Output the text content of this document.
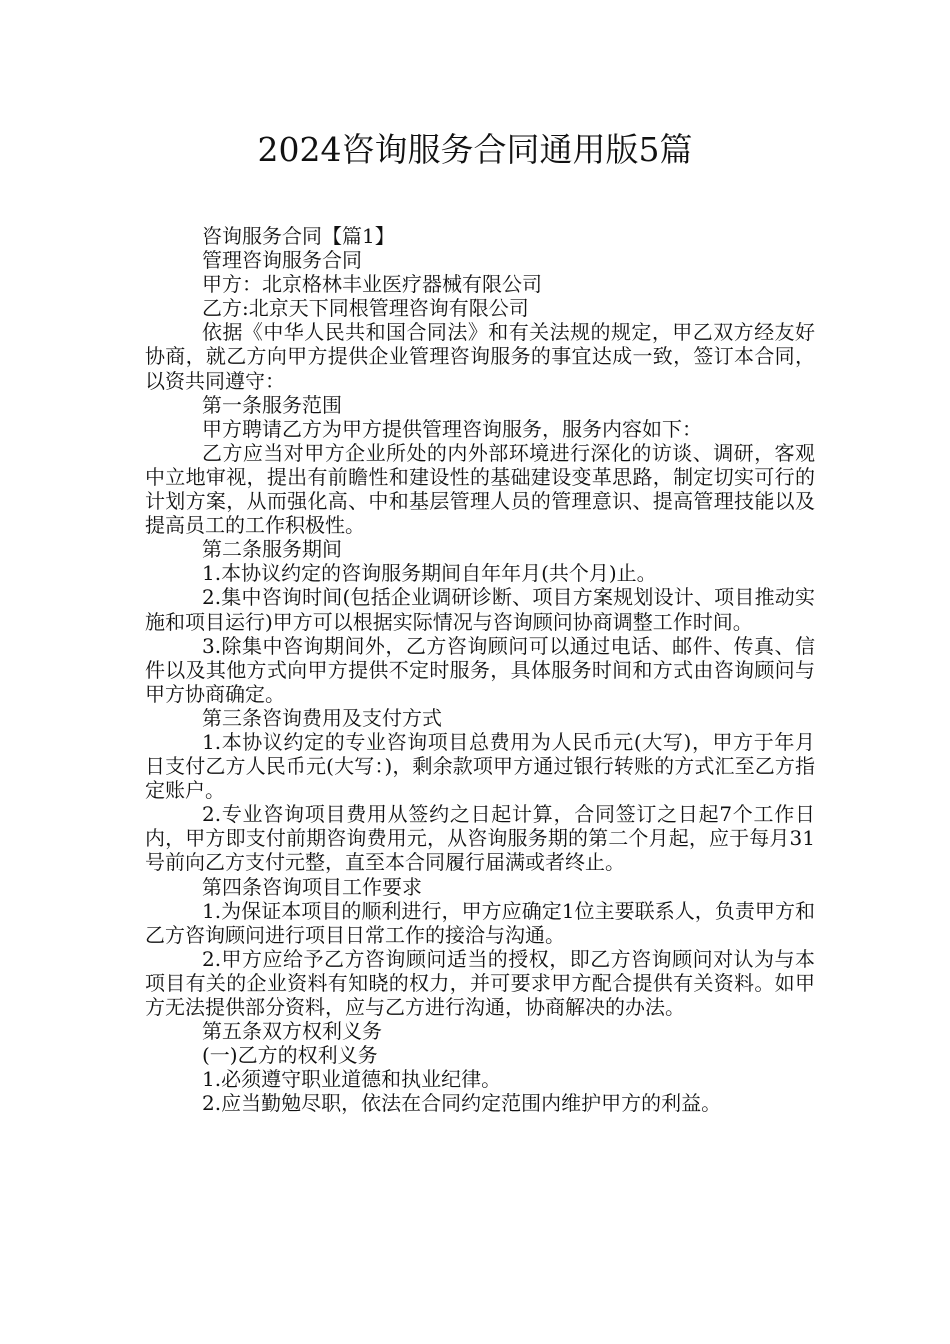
2024咨询服务合同通用版5篇

咨询服务合同【篇1】

管理咨询服务合同

甲方：北京格林丰业医疗器械有限公司

乙方:北京天下同根管理咨询有限公司

依据《中华人民共和国合同法》和有关法规的规定，甲乙双方经友好协商，就乙方向甲方提供企业管理咨询服务的事宜达成一致，签订本合同，以资共同遵守：

第一条服务范围

甲方聘请乙方为甲方提供管理咨询服务，服务内容如下：

乙方应当对甲方企业所处的内外部环境进行深化的访谈、调研，客观中立地审视，提出有前瞻性和建设性的基础建设变革思路，制定切实可行的计划方案，从而强化高、中和基层管理人员的管理意识、提高管理技能以及提高员工的工作积极性。

第二条服务期间

1.本协议约定的咨询服务期间自年年月(共个月)止。

2.集中咨询时间(包括企业调研诊断、项目方案规划设计、项目推动实施和项目运行)甲方可以根据实际情况与咨询顾问协商调整工作时间。

3.除集中咨询期间外，乙方咨询顾问可以通过电话、邮件、传真、信件以及其他方式向甲方提供不定时服务，具体服务时间和方式由咨询顾问与甲方协商确定。

第三条咨询费用及支付方式

1.本协议约定的专业咨询项目总费用为人民币元(大写)，甲方于年月日支付乙方人民币元(大写：)，剩余款项甲方通过银行转账的方式汇至乙方指定账户。

2.专业咨询项目费用从签约之日起计算，合同签订之日起7个工作日内，甲方即支付前期咨询费用元，从咨询服务期的第二个月起，应于每月31号前向乙方支付元整，直至本合同履行届满或者终止。

第四条咨询项目工作要求

1.为保证本项目的顺利进行，甲方应确定1位主要联系人，负责甲方和乙方咨询顾问进行项目日常工作的接洽与沟通。

2.甲方应给予乙方咨询顾问适当的授权，即乙方咨询顾问对认为与本项目有关的企业资料有知晓的权力，并可要求甲方配合提供有关资料。如甲方无法提供部分资料，应与乙方进行沟通，协商解决的办法。

第五条双方权利义务

(一)乙方的权利义务

1.必须遵守职业道德和执业纪律。

2.应当勤勉尽职，依法在合同约定范围内维护甲方的利益。
